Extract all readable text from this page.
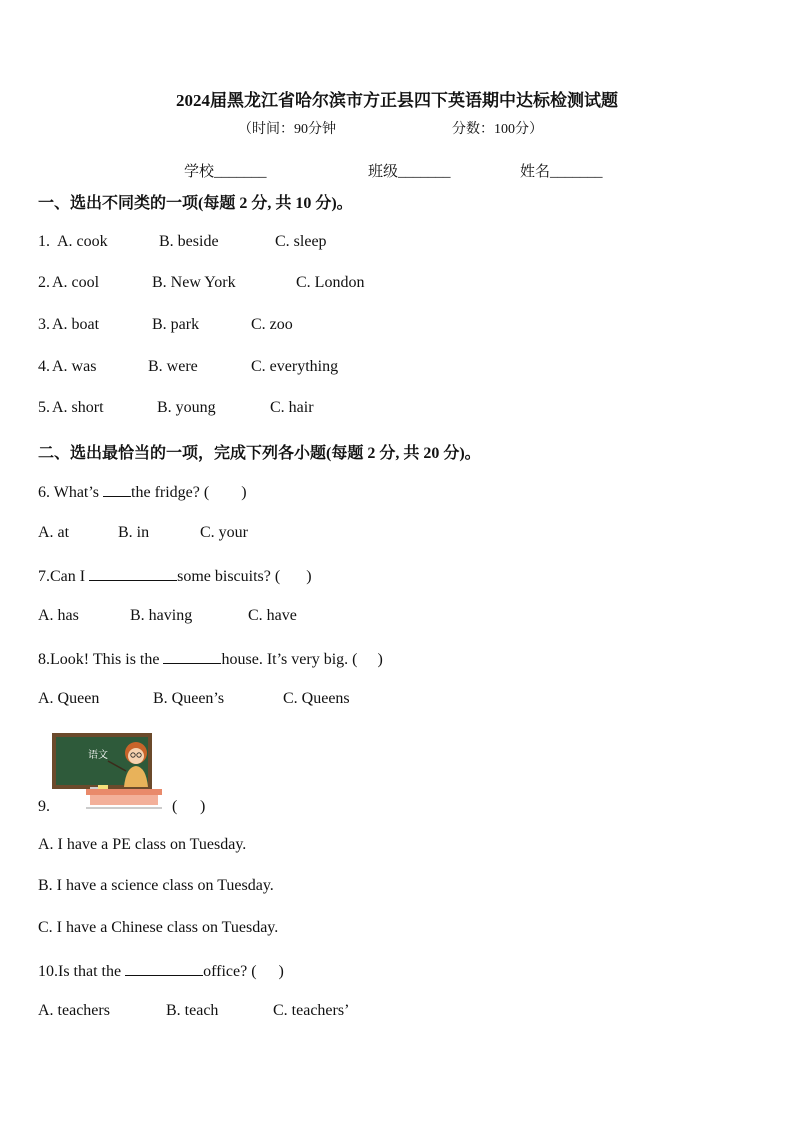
2024届黑龙江省哈尔滨市方正县四下英语期中达标检测试题
（时间：90分钟	分数：100分）
学校_______	班级_______	姓名_______
一、选出不同类的一项(每题 2 分, 共 10 分)。
1. A. cook	B. beside	C. sleep
2. A. cool	B. New York	C. London
3. A. boat	B. park	C. zoo
4. A. was	B. were	C. everything
5. A. short	B. young	C. hair
二、选出最恰当的一项，完成下列各小题(每题 2 分, 共 20 分)。
6. What’s the fridge? ( )
A. at	B. in	C. your
7.Can I	some biscuits? ( )
A. has	B. having	C. have
8.Look! This is the	house. It’s very big. ( )
A. Queen	B. Queen’s	C. Queens
语文
9.	( )
A. I have a PE class on Tuesday.
B. I have a science class on Tuesday.
C. I have a Chinese class on Tuesday.
10.Is that the	office? ( )
A. teachers	B. teach	C. teachers’
